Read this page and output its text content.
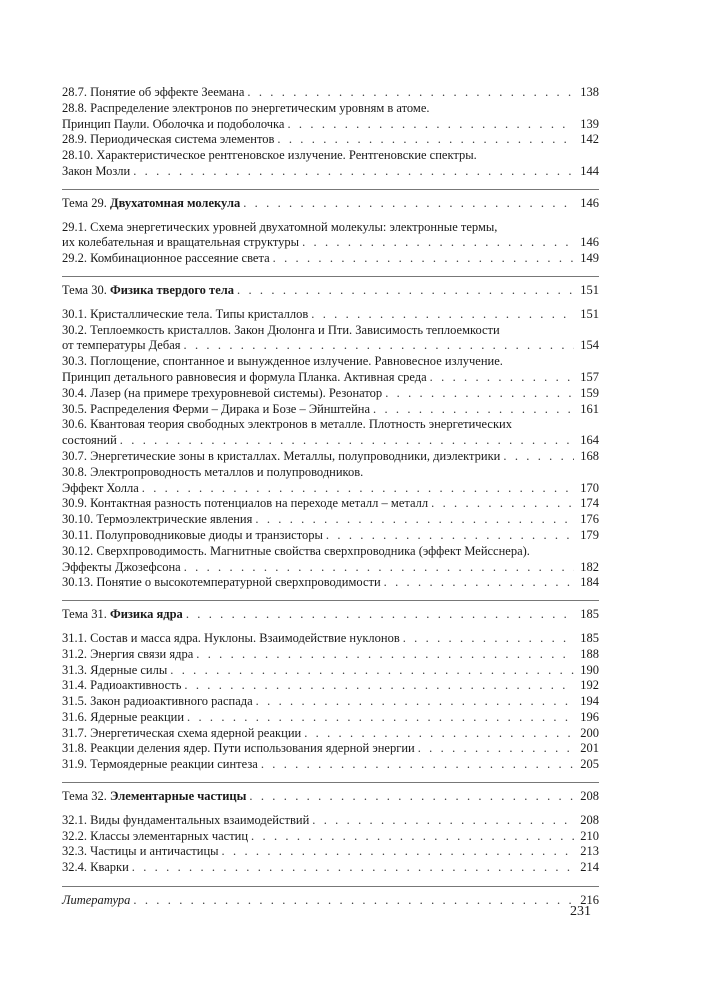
28.7. Понятие об эффекте Зеемана . . .	138
28.8. Распределение электронов по энергетическим уровням в атоме.
Принцип Паули. Оболочка и подоболочка . . .	139
28.9. Периодическая система элементов . . .	142
28.10. Характеристическое рентгеновское излучение. Рентгеновские спектры.
Закон Мозли . . .	144
Тема 29. Двухатомная молекула . . .	146
29.1. Схема энергетических уровней двухатомной молекулы: электронные термы,
их колебательная и вращательная структуры . . .	146
29.2. Комбинационное рассеяние света . . .	149
Тема 30. Физика твердого тела . . .	151
30.1. Кристаллические тела. Типы кристаллов . . .	151
30.2. Теплоемкость кристаллов. Закон Дюлонга и Пти. Зависимость теплоемкости
от температуры Дебая . . .	154
30.3. Поглощение, спонтанное и вынужденное излучение. Равновесное излучение.
Принцип детального равновесия и формула Планка. Активная среда . . .	157
30.4. Лазер (на примере трехуровневой системы). Резонатор . . .	159
30.5. Распределения Ферми – Дирака и Бозе – Эйнштейна . . .	161
30.6. Квантовая теория свободных электронов в металле. Плотность энергетических
состояний . . .	164
30.7. Энергетические зоны в кристаллах. Металлы, полупроводники, диэлектрики . . .	168
30.8. Электропроводность металлов и полупроводников.
Эффект Холла . . .	170
30.9. Контактная разность потенциалов на переходе металл – металл . . .	174
30.10. Термоэлектрические явления . . .	176
30.11. Полупроводниковые диоды и транзисторы . . .	179
30.12. Сверхпроводимость. Магнитные свойства сверхпроводника (эффект Мейсснера).
Эффекты Джозефсона . . .	182
30.13. Понятие о высокотемпературной сверхпроводимости . . .	184
Тема 31. Физика ядра . . .	185
31.1. Состав и масса ядра. Нуклоны. Взаимодействие нуклонов . . .	185
31.2. Энергия связи ядра . . .	188
31.3. Ядерные силы . . .	190
31.4. Радиоактивность . . .	192
31.5. Закон радиоактивного распада . . .	194
31.6. Ядерные реакции . . .	196
31.7. Энергетическая схема ядерной реакции . . .	200
31.8. Реакции деления ядер. Пути использования ядерной энергии . . .	201
31.9. Термоядерные реакции синтеза . . .	205
Тема 32. Элементарные частицы . . .	208
32.1. Виды фундаментальных взаимодействий . . .	208
32.2. Классы элементарных частиц . . .	210
32.3. Частицы и античастицы . . .	213
32.4. Кварки . . .	214
Литература . . .	216
231
